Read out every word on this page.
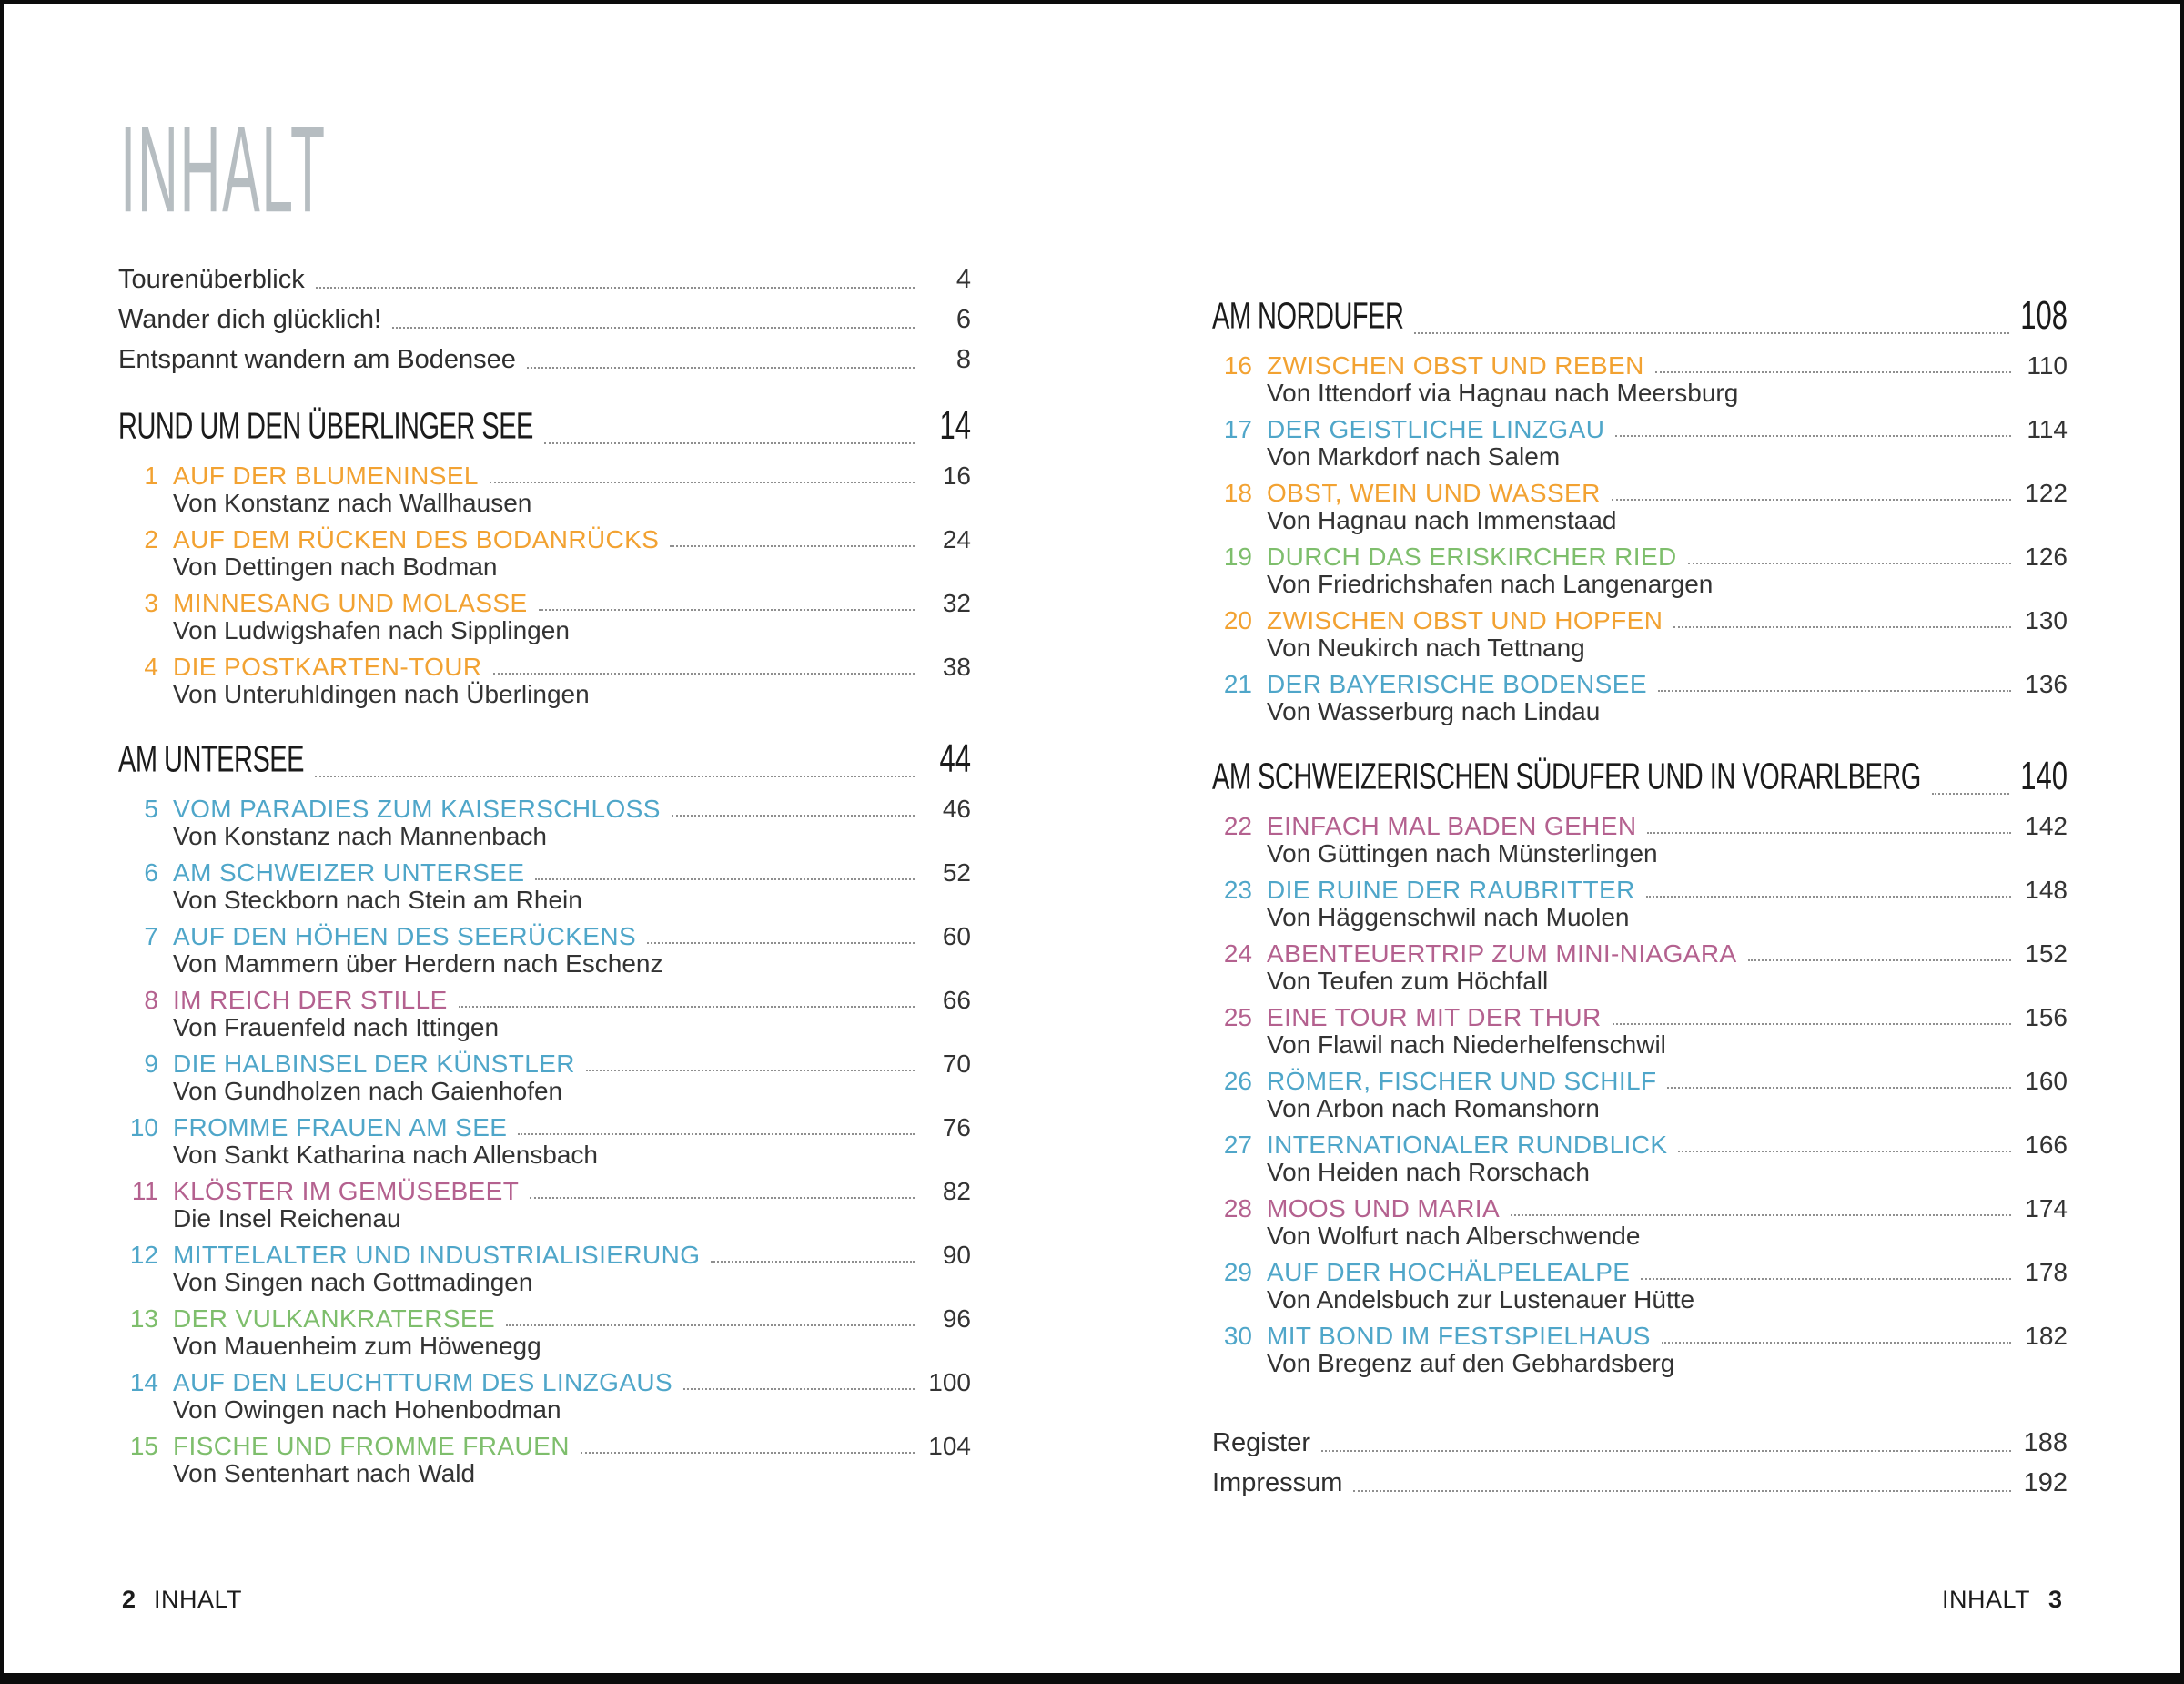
INHALT
Tourenüberblick	4
Wander dich glücklich!	6
Entspannt wandern am Bodensee	8
RUND UM DEN ÜBERLINGER SEE	14
1 AUF DER BLUMENINSEL	16
Von Konstanz nach Wallhausen
2 AUF DEM RÜCKEN DES BODANRÜCKS	24
Von Dettingen nach Bodman
3 MINNESANG UND MOLASSE	32
Von Ludwigshafen nach Sipplingen
4 DIE POSTKARTEN-TOUR	38
Von Unteruhldingen nach Überlingen
AM UNTERSEE	44
5 VOM PARADIES ZUM KAISERSCHLOSS	46
Von Konstanz nach Mannenbach
6 AM SCHWEIZER UNTERSEE	52
Von Steckborn nach Stein am Rhein
7 AUF DEN HÖHEN DES SEERÜCKENS	60
Von Mammern über Herdern nach Eschenz
8 IM REICH DER STILLE	66
Von Frauenfeld nach Ittingen
9 DIE HALBINSEL DER KÜNSTLER	70
Von Gundholzen nach Gaienhofen
10 FROMME FRAUEN AM SEE	76
Von Sankt Katharina nach Allensbach
11 KLÖSTER IM GEMÜSEBEET	82
Die Insel Reichenau
12 MITTELALTER UND INDUSTRIALISIERUNG	90
Von Singen nach Gottmadingen
13 DER VULKANKRATERSEE	96
Von Mauenheim zum Höwenegg
14 AUF DEN LEUCHTTURM DES LINZGAUS	100
Von Owingen nach Hohenbodman
15 FISCHE UND FROMME FRAUEN	104
Von Sentenhart nach Wald
AM NORDUFER	108
16 ZWISCHEN OBST UND REBEN	110
Von Ittendorf via Hagnau nach Meersburg
17 DER GEISTLICHE LINZGAU	114
Von Markdorf nach Salem
18 OBST, WEIN UND WASSER	122
Von Hagnau nach Immenstaad
19 DURCH DAS ERISKIRCHER RIED	126
Von Friedrichshafen nach Langenargen
20 ZWISCHEN OBST UND HOPFEN	130
Von Neukirch nach Tettnang
21 DER BAYERISCHE BODENSEE	136
Von Wasserburg nach Lindau
AM SCHWEIZERISCHEN SÜDUFER UND IN VORARLBERG	140
22 EINFACH MAL BADEN GEHEN	142
Von Güttingen nach Münsterlingen
23 DIE RUINE DER RAUBRITTER	148
Von Häggenschwil nach Muolen
24 ABENTEUERTRIP ZUM MINI-NIAGARA	152
Von Teufen zum Höchfall
25 EINE TOUR MIT DER THUR	156
Von Flawil nach Niederhelfenschwil
26 RÖMER, FISCHER UND SCHILF	160
Von Arbon nach Romanshorn
27 INTERNATIONALER RUNDBLICK	166
Von Heiden nach Rorschach
28 MOOS UND MARIA	174
Von Wolfurt nach Alberschwende
29 AUF DER HOCHÄLPELEALPE	178
Von Andelsbuch zur Lustenauer Hütte
30 MIT BOND IM FESTSPIELHAUS	182
Von Bregenz auf den Gebhardsberg
Register	188
Impressum	192
2 INHALT	INHALT 3
